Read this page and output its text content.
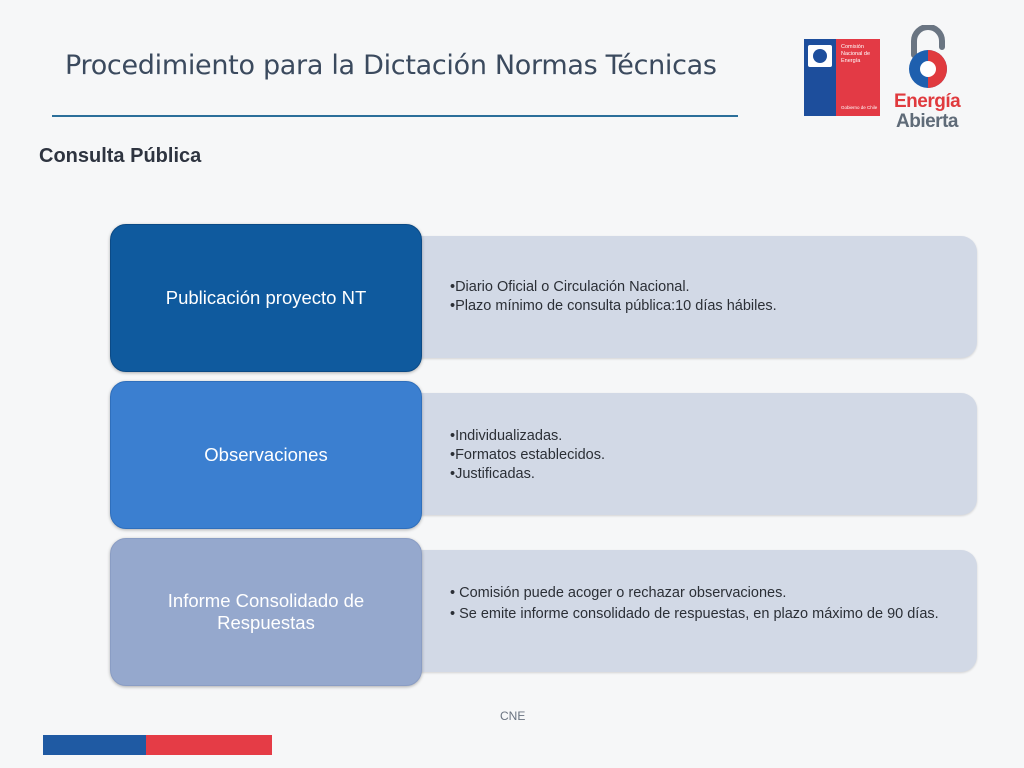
Procedimiento para la Dictación Normas Técnicas
Consulta Pública
Comisión Nacional de Energía
Gobierno de Chile Energía
Abierta
Publicación proyecto NT	•Diario Oficial o Circulación Nacional.
•Plazo mínimo de consulta pública:10 días hábiles.
Observaciones
•Individualizadas.
•Formatos establecidos.
•Justificadas.
Informe Consolidado de Respuestas
• Comisión puede acoger o rechazar observaciones.
• Se emite informe consolidado de respuestas, en plazo máximo de 90 días.
CNE
